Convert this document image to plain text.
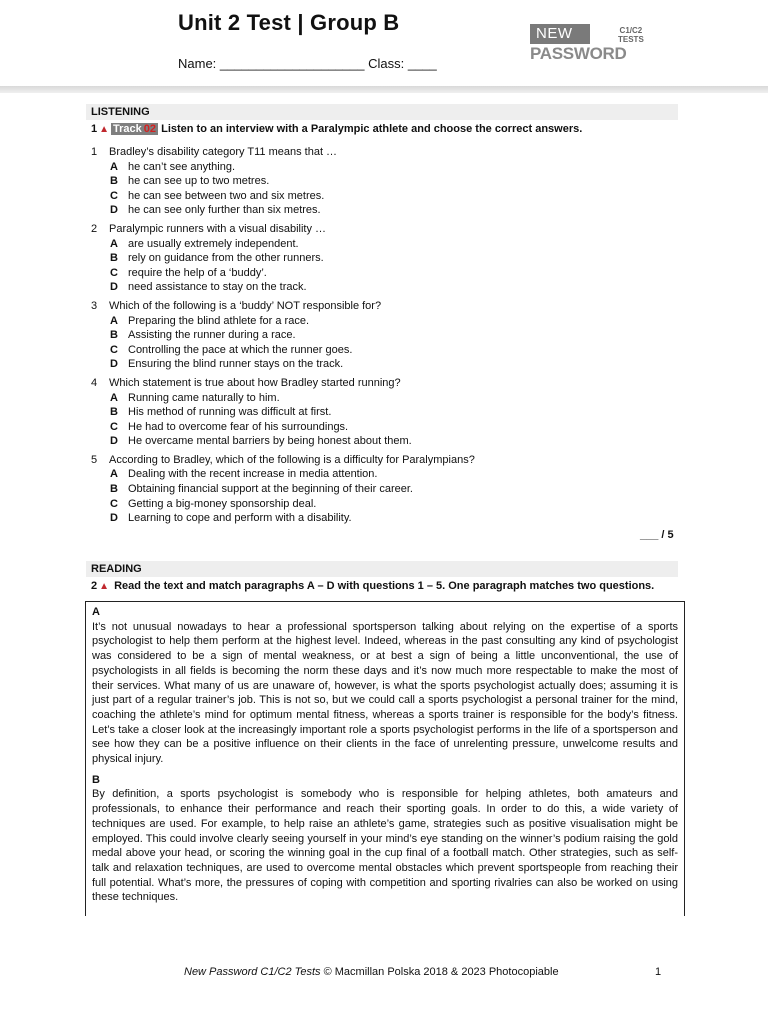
Unit 2 Test | Group B
Name: ____________________ Class: ____
NEW	C1/C2
TESTS
PASSWORD
LISTENING
1 ▲ Track 02 Listen to an interview with a Paralympic athlete and choose the correct answers.
1 Bradley’s disability category T11 means that …
A he can’t see anything.
B he can see up to two metres.
C he can see between two and six metres.
D he can see only further than six metres.
2 Paralympic runners with a visual disability …
A are usually extremely independent.
B rely on guidance from the other runners.
C require the help of a ‘buddy’.
D need assistance to stay on the track.
3 Which of the following is a ‘buddy’ NOT responsible for?
A Preparing the blind athlete for a race.
B Assisting the runner during a race.
C Controlling the pace at which the runner goes.
D Ensuring the blind runner stays on the track.
4 Which statement is true about how Bradley started running?
A Running came naturally to him.
B His method of running was difficult at first.
C He had to overcome fear of his surroundings.
D He overcame mental barriers by being honest about them.
5 According to Bradley, which of the following is a difficulty for Paralympians?
A Dealing with the recent increase in media attention.
B Obtaining financial support at the beginning of their career.
C Getting a big-money sponsorship deal.
D Learning to cope and perform with a disability.
___ / 5
READING
2 ▲ Read the text and match paragraphs A – D with questions 1 – 5. One paragraph matches two questions.
A

It’s not unusual nowadays to hear a professional sportsperson talking about relying on the expertise of a sports psychologist to help them perform at the highest level. Indeed, whereas in the past consulting any kind of psychologist was considered to be a sign of mental weakness, or at best a sign of being a little unconventional, the use of psychologists in all fields is becoming the norm these days and it’s now much more respectable to make the most of their services. What many of us are unaware of, however, is what the sports psychologist actually does; assuming it is just part of a regular trainer’s job. This is not so, but we could call a sports psychologist a personal trainer for the mind, coaching the athlete’s mind for optimum mental fitness, whereas a sports trainer is responsible for the body’s fitness. Let’s take a closer look at the increasingly important role a sports psychologist performs in the life of a sportsperson and see how they can be a positive influence on their clients in the face of unrelenting pressure, unwelcome results and physical injury.

B

By definition, a sports psychologist is somebody who is responsible for helping athletes, both amateurs and professionals, to enhance their performance and reach their sporting goals. In order to do this, a wide variety of techniques are used. For example, to help raise an athlete’s game, strategies such as positive visualisation might be employed. This could involve clearly seeing yourself in your mind’s eye standing on the winner’s podium raising the gold medal above your head, or scoring the winning goal in the cup final of a football match. Other strategies, such as self-talk and relaxation techniques, are used to overcome mental obstacles which prevent sportspeople from reaching their full potential. What’s more, the pressures of coping with competition and sporting rivalries can also be worked on using these techniques.

New Password C1/C2 Tests © Macmillan Polska 2018 & 2023 Photocopiable	1
